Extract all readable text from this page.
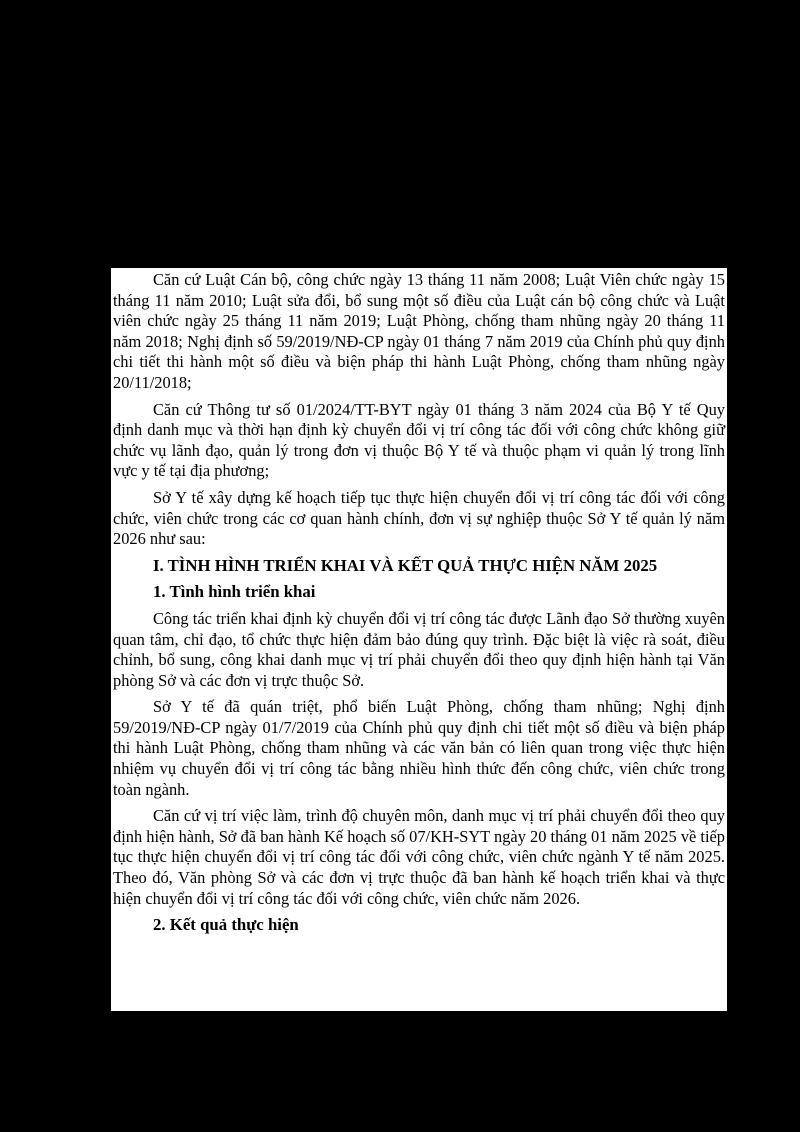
Căn cứ Luật Cán bộ, công chức ngày 13 tháng 11 năm 2008; Luật Viên chức ngày 15 tháng 11 năm 2010; Luật sửa đổi, bổ sung một số điều của Luật cán bộ công chức và Luật viên chức ngày 25 tháng 11 năm 2019; Luật Phòng, chống tham nhũng ngày 20 tháng 11 năm 2018; Nghị định số 59/2019/NĐ-CP ngày 01 tháng 7 năm 2019 của Chính phủ quy định chi tiết thi hành một số điều và biện pháp thi hành Luật Phòng, chống tham nhũng ngày 20/11/2018;

Căn cứ Thông tư số 01/2024/TT-BYT ngày 01 tháng 3 năm 2024 của Bộ Y tế Quy định danh mục và thời hạn định kỳ chuyển đổi vị trí công tác đối với công chức không giữ chức vụ lãnh đạo, quản lý trong đơn vị thuộc Bộ Y tế và thuộc phạm vi quản lý trong lĩnh vực y tế tại địa phương;

Sở Y tế xây dựng kế hoạch tiếp tục thực hiện chuyển đổi vị trí công tác đối với công chức, viên chức trong các cơ quan hành chính, đơn vị sự nghiệp thuộc Sở Y tế quản lý năm 2026 như sau:

I. TÌNH HÌNH TRIỂN KHAI VÀ KẾT QUẢ THỰC HIỆN NĂM 2025
1. Tình hình triển khai

Công tác triển khai định kỳ chuyển đổi vị trí công tác được Lãnh đạo Sở thường xuyên quan tâm, chỉ đạo, tổ chức thực hiện đảm bảo đúng quy trình. Đặc biệt là việc rà soát, điều chỉnh, bổ sung, công khai danh mục vị trí phải chuyển đổi theo quy định hiện hành tại Văn phòng Sở và các đơn vị trực thuộc Sở.

Sở Y tế đã quán triệt, phổ biến Luật Phòng, chống tham nhũng; Nghị định 59/2019/NĐ-CP ngày 01/7/2019 của Chính phủ quy định chi tiết một số điều và biện pháp thi hành Luật Phòng, chống tham nhũng và các văn bản có liên quan trong việc thực hiện nhiệm vụ chuyển đổi vị trí công tác bằng nhiều hình thức đến công chức, viên chức trong toàn ngành.

Căn cứ vị trí việc làm, trình độ chuyên môn, danh mục vị trí phải chuyển đổi theo quy định hiện hành, Sở đã ban hành Kế hoạch số 07/KH-SYT ngày 20 tháng 01 năm 2025 về tiếp tục thực hiện chuyển đổi vị trí công tác đối với công chức, viên chức ngành Y tế năm 2025. Theo đó, Văn phòng Sở và các đơn vị trực thuộc đã ban hành kế hoạch triển khai và thực hiện chuyển đổi vị trí công tác đối với công chức, viên chức năm 2026.

2. Kết quả thực hiện
